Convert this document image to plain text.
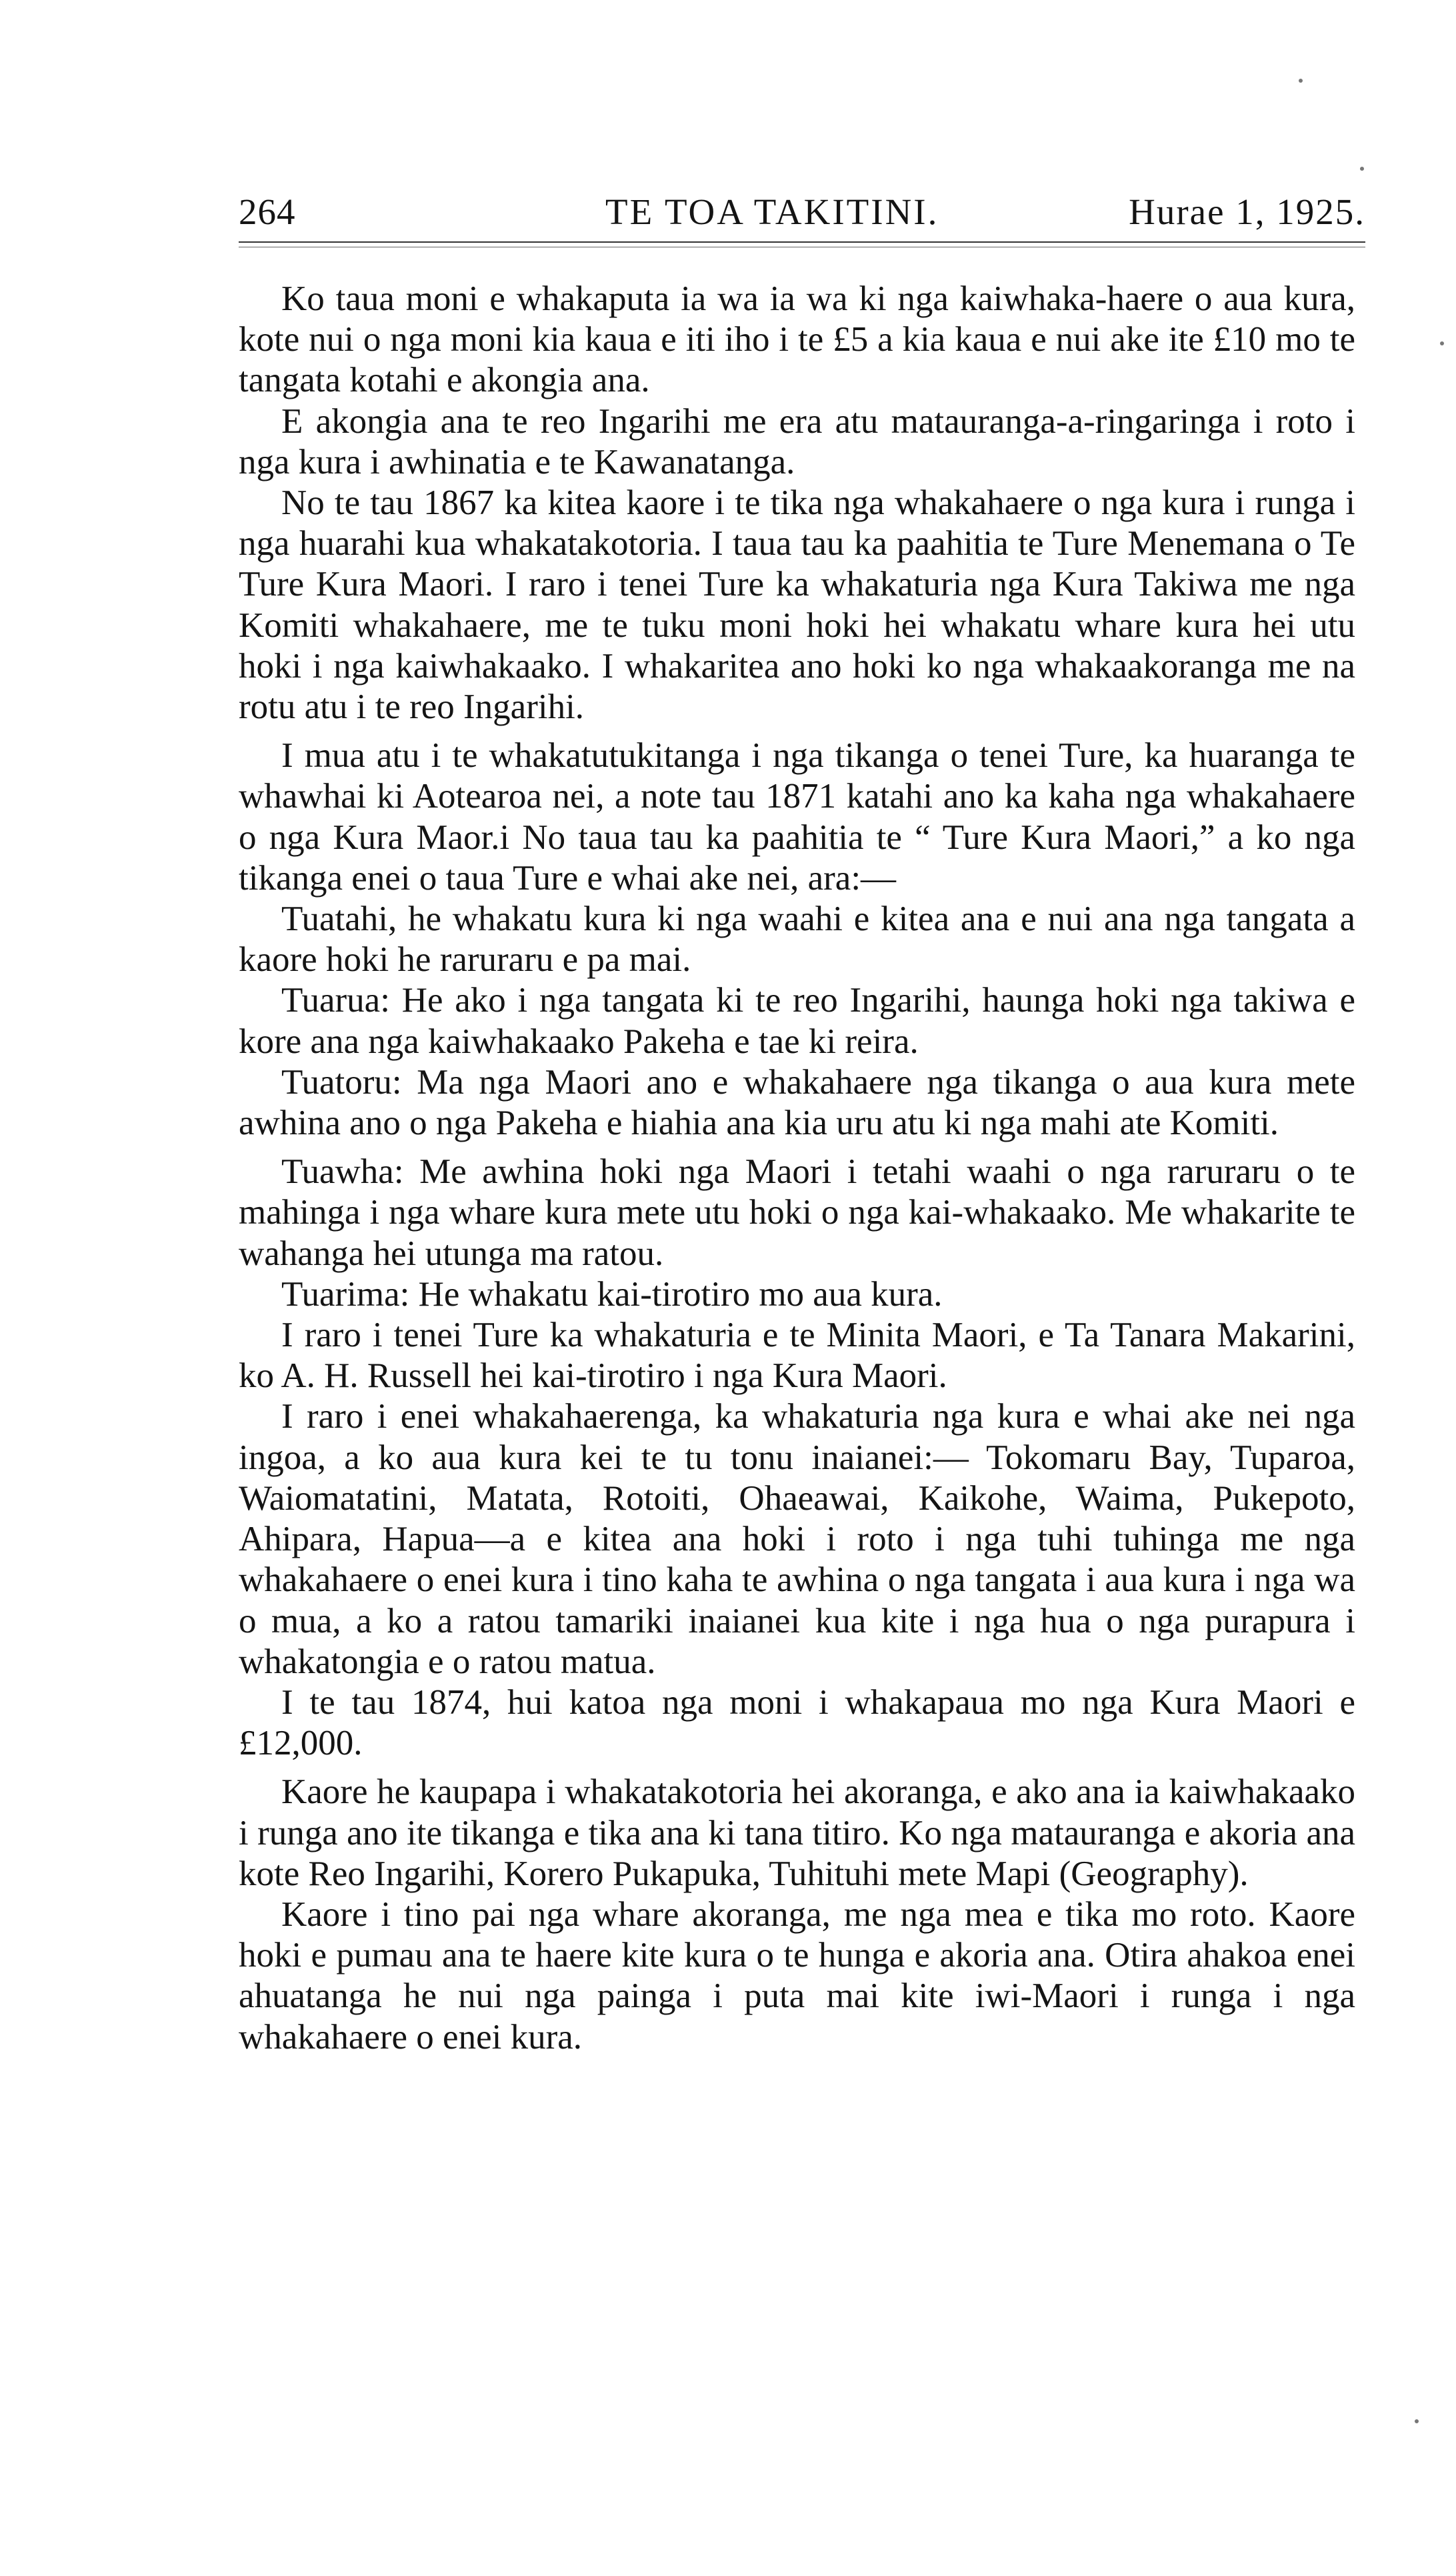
264	TE TOA TAKITINI.	Hurae 1, 1925.

Ko taua moni e whakaputa ia wa ia wa ki nga kaiwhaka-haere o aua kura, kote nui o nga moni kia kaua e iti iho i te £5 a kia kaua e nui ake ite £10 mo te tangata kotahi e akongia ana.

E akongia ana te reo Ingarihi me era atu matauranga-a-ringaringa i roto i nga kura i awhinatia e te Kawanatanga.

No te tau 1867 ka kitea kaore i te tika nga whakahaere o nga kura i runga i nga huarahi kua whakatakotoria. I taua tau ka paahitia te Ture Menemana o Te Ture Kura Maori. I raro i tenei Ture ka whakaturia nga Kura Takiwa me nga Komiti whakahaere, me te tuku moni hoki hei whakatu whare kura hei utu hoki i nga kaiwhakaako. I whakaritea ano hoki ko nga whakaakoranga me na rotu atu i te reo Ingarihi.

I mua atu i te whakatutukitanga i nga tikanga o tenei Ture, ka huaranga te whawhai ki Aotearoa nei, a note tau 1871 katahi ano ka kaha nga whakahaere o nga Kura Maor.i No taua tau ka paahitia te “ Ture Kura Maori,” a ko nga tikanga enei o taua Ture e whai ake nei, ara:—

Tuatahi, he whakatu kura ki nga waahi e kitea ana e nui ana nga tangata a kaore hoki he raruraru e pa mai.

Tuarua: He ako i nga tangata ki te reo Ingarihi, haunga hoki nga takiwa e kore ana nga kaiwhakaako Pakeha e tae ki reira.

Tuatoru: Ma nga Maori ano e whakahaere nga tikanga o aua kura mete awhina ano o nga Pakeha e hiahia ana kia uru atu ki nga mahi ate Komiti.

Tuawha: Me awhina hoki nga Maori i tetahi waahi o nga raruraru o te mahinga i nga whare kura mete utu hoki o nga kai-whakaako. Me whakarite te wahanga hei utunga ma ratou.

Tuarima: He whakatu kai-tirotiro mo aua kura.

I raro i tenei Ture ka whakaturia e te Minita Maori, e Ta Tanara Makarini, ko A. H. Russell hei kai-tirotiro i nga Kura Maori.

I raro i enei whakahaerenga, ka whakaturia nga kura e whai ake nei nga ingoa, a ko aua kura kei te tu tonu inaianei:— Tokomaru Bay, Tuparoa, Waiomatatini, Matata, Rotoiti, Ohaeawai, Kaikohe, Waima, Pukepoto, Ahipara, Hapua—a e kitea ana hoki i roto i nga tuhi tuhinga me nga whakahaere o enei kura i tino kaha te awhina o nga tangata i aua kura i nga wa o mua, a ko a ratou tamariki inaianei kua kite i nga hua o nga purapura i whakatongia e o ratou matua.

I te tau 1874, hui katoa nga moni i whakapaua mo nga Kura Maori e £12,000.

Kaore he kaupapa i whakatakotoria hei akoranga, e ako ana ia kaiwhakaako i runga ano ite tikanga e tika ana ki tana titiro. Ko nga matauranga e akoria ana kote Reo Ingarihi, Korero Pukapuka, Tuhituhi mete Mapi (Geography).

Kaore i tino pai nga whare akoranga, me nga mea e tika mo roto. Kaore hoki e pumau ana te haere kite kura o te hunga e akoria ana. Otira ahakoa enei ahuatanga he nui nga painga i puta mai kite iwi-Maori i runga i nga whakahaere o enei kura.
